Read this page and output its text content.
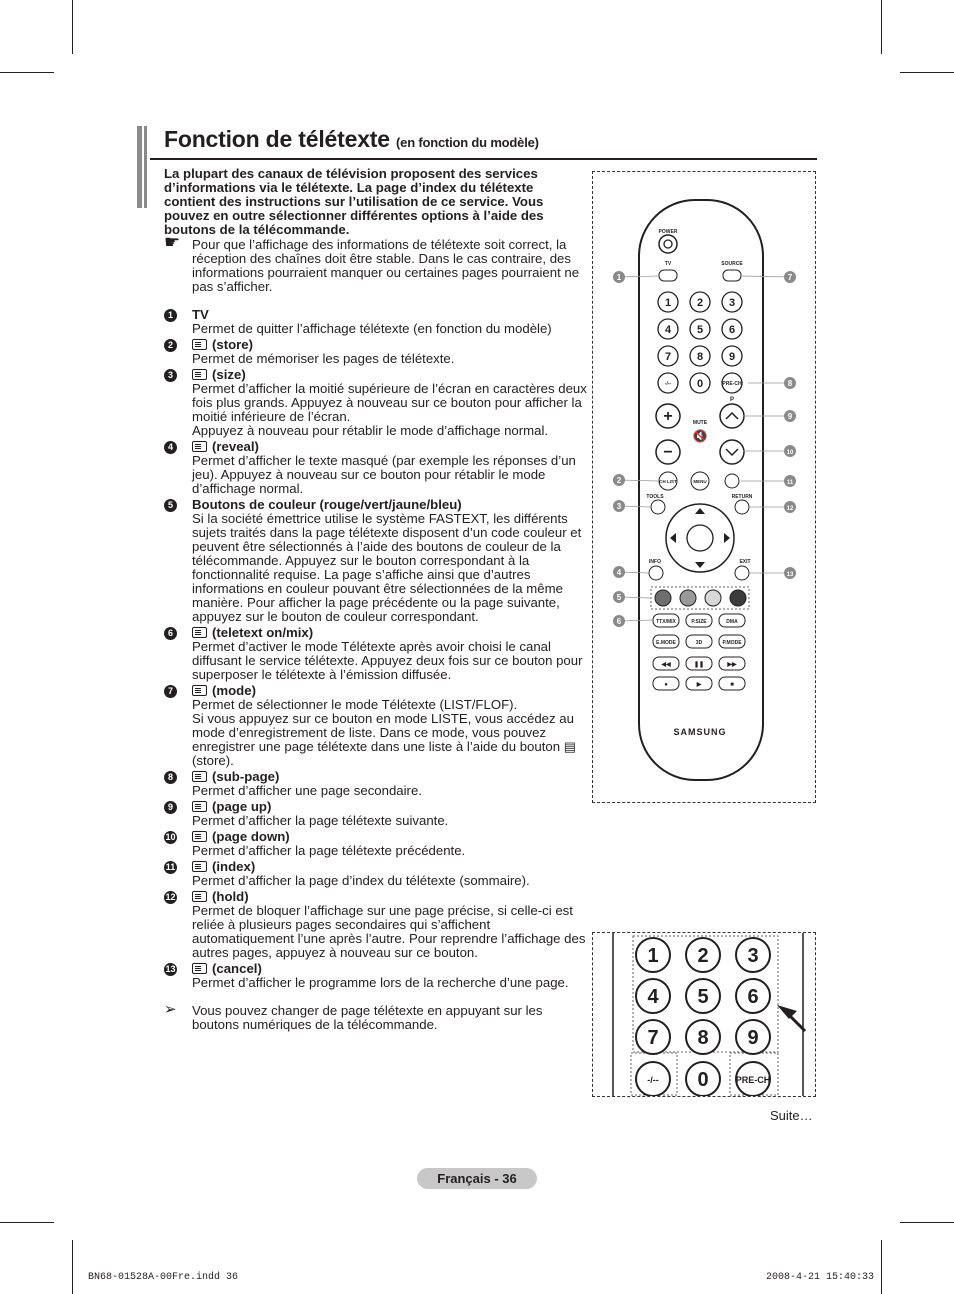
Fonction de télétexte (en fonction du modèle)

La plupart des canaux de télévision proposent des services d’informations via le télétexte. La page d’index du télétexte contient des instructions sur l’utilisation de ce service. Vous pouvez en outre sélectionner différentes options à l’aide des boutons de la télécommande.

☛ Pour que l’affichage des informations de télétexte soit correct, la réception des chaînes doit être stable. Dans le cas contraire, des informations pourraient manquer ou certaines pages pourraient ne pas s’afficher.
1	TV
Permet de quitter l’affichage télétexte (en fonction du modèle)
2	(store)
Permet de mémoriser les pages de télétexte.
3	(size)
Permet d’afficher la moitié supérieure de l’écran en caractères deux fois plus grands. Appuyez à nouveau sur ce bouton pour afficher la moitié inférieure de l’écran.
Appuyez à nouveau pour rétablir le mode d’affichage normal.
4	(reveal)
Permet d’afficher le texte masqué (par exemple les réponses d’un jeu). Appuyez à nouveau sur ce bouton pour rétablir le mode d’affichage normal.
5	Boutons de couleur (rouge/vert/jaune/bleu)
Si la société émettrice utilise le système FASTEXT, les différents sujets traités dans la page télétexte disposent d’un code couleur et peuvent être sélectionnés à l’aide des boutons de couleur de la télécommande. Appuyez sur le bouton correspondant à la fonctionnalité requise. La page s’affiche ainsi que d’autres informations en couleur pouvant être sélectionnées de la même manière. Pour afficher la page précédente ou la page suivante, appuyez sur le bouton de couleur correspondant.
6	(teletext on/mix)
Permet d’activer le mode Télétexte après avoir choisi le canal diffusant le service télétexte. Appuyez deux fois sur ce bouton pour superposer le télétexte à l’émission diffusée.
7	(mode)
Permet de sélectionner le mode Télétexte (LIST/FLOF).
Si vous appuyez sur ce bouton en mode LISTE, vous accédez au mode d’enregistrement de liste. Dans ce mode, vous pouvez enregistrer une page télétexte dans une liste à l’aide du bouton ▤ (store).
8	(sub-page)
Permet d’afficher une page secondaire.
9	(page up)
Permet d’afficher la page télétexte suivante.
10	(page down)
Permet d’afficher la page télétexte précédente.
11	(index)
Permet d’afficher la page d’index du télétexte (sommaire).
12	(hold)
Permet de bloquer l’affichage sur une page précise, si celle-ci est reliée à plusieurs pages secondaires qui s’affichent automatiquement l’une après l’autre. Pour reprendre l’affichage des autres pages, appuyez à nouveau sur ce bouton.
13	(cancel)
Permet d’afficher le programme lors de la recherche d’une page.
➢ Vous pouvez changer de page télétexte en appuyant sur les boutons numériques de la télécommande.
POWER
TV	SOURCE
1 2 3
4 5 6
7 8 9
-/-- 0	PRE-CH
+
−
MUTE
🔇
P
CH LIST	MENU
TOOLS	RETURN
INFO	EXIT
TTX/MIX	P.SIZE	DMA
E.MODE	3D	P.MODE
◀◀	❚❚	▶▶
●	▶	■
SAMSUNG
1
2
3
4
5
6
7
8
9
10
11
12
13
1 2 3
4 5 6
7 8 9
-/-- 0	PRE-CH
Suite…
Français - 36
BN68-01528A-00Fre.indd 36	2008-4-21 15:40:33
